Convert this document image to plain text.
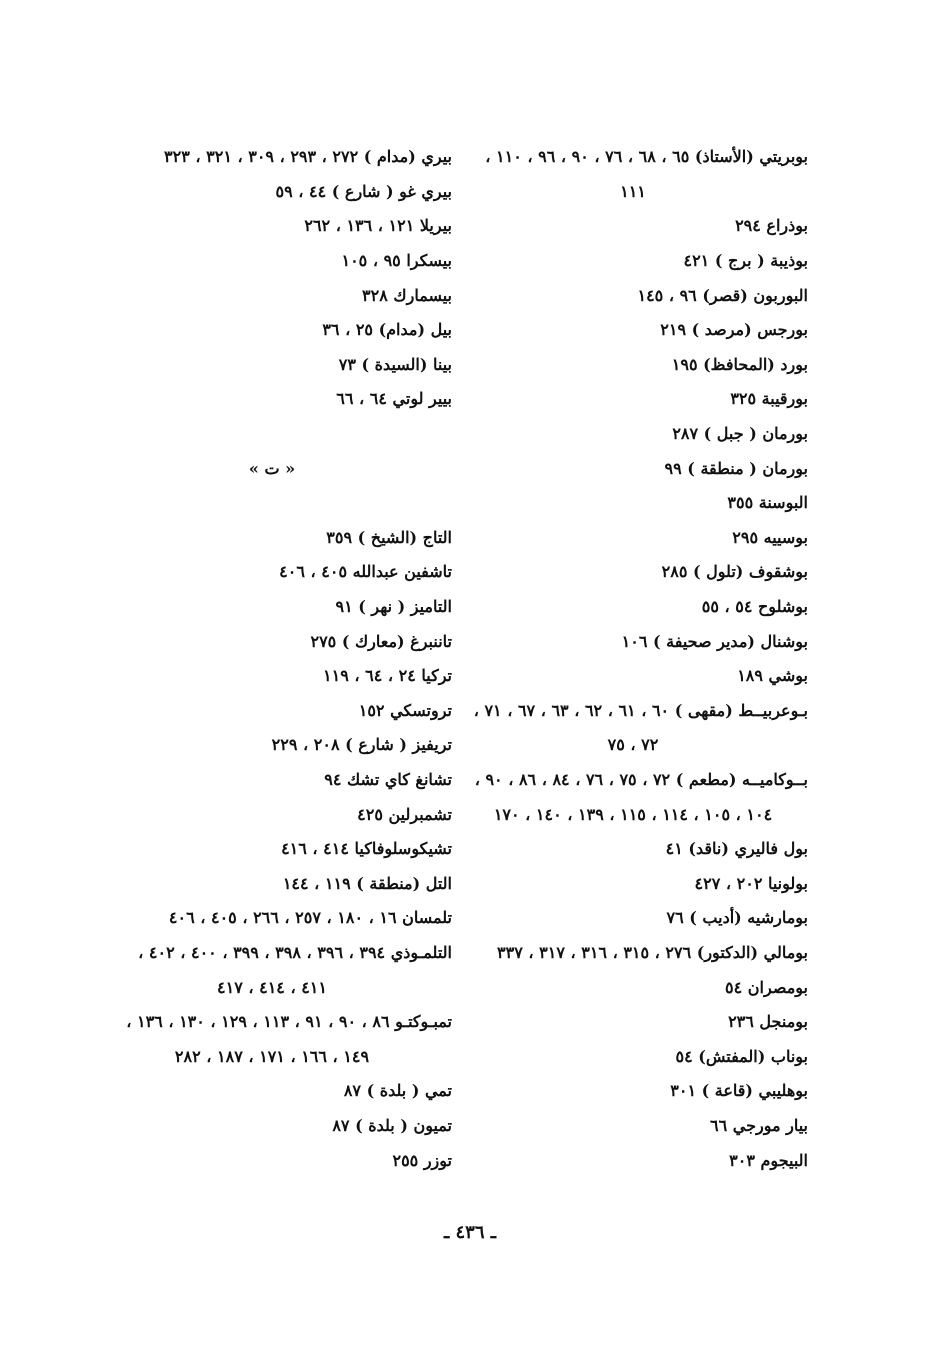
بوبريتي (الأستاذ) ٦٥ ، ٦٨ ، ٧٦ ، ٩٠ ، ٩٦ ، ١١٠ ،
١١١
بوذراع ٢٩٤
بوذيبة ( برج ) ٤٢١
البوربون (قصر) ٩٦ ، ١٤٥
بورجس (مرصد ) ٢١٩
بورد (المحافظ) ١٩٥
بورقيبة ٣٢٥
بورمان ( جبل ) ٢٨٧
بورمان ( منطقة ) ٩٩
البوسنة ٣٥٥
بوسييه ٢٩٥
بوشقوف (تلول ) ٢٨٥
بوشلوح ٥٤ ، ٥٥
بوشنال (مدير صحيفة ) ١٠٦
بوشي ١٨٩
بـوعربيــط (مقهى ) ٦٠ ، ٦١ ، ٦٢ ، ٦٣ ، ٦٧ ، ٧١ ،
٧٢ ، ٧٥
بــوكاميــه (مطعم ) ٧٢ ، ٧٥ ، ٧٦ ، ٨٤ ، ٨٦ ، ٩٠ ،
١٠٤ ، ١٠٥ ، ١١٤ ، ١١٥ ، ١٣٩ ، ١٤٠ ، ١٧٠
بول فاليري (ناقد) ٤١
بولونيا ٢٠٢ ، ٤٢٧
بومارشيه (أديب ) ٧٦
بومالي (الدكتور) ٢٧٦ ، ٣١٥ ، ٣١٦ ، ٣١٧ ، ٣٣٧
بومصران ٥٤
بومنجل ٢٣٦
بوناب (المفتش) ٥٤
بوهليبي (قاعة ) ٣٠١
بيار مورجي ٦٦
البيجوم ٣٠٣
بيري (مدام ) ٢٧٢ ، ٢٩٣ ، ٣٠٩ ، ٣٢١ ، ٣٢٣
بيري غو ( شارع ) ٤٤ ، ٥٩
بيريلا ١٢١ ، ١٣٦ ، ٢٦٢
بيسكرا ٩٥ ، ١٠٥
بيسمارك ٣٢٨
بيل (مدام) ٢٥ ، ٣٦
بينا (السيدة ) ٧٣
بيير لوتي ٦٤ ، ٦٦
« ت »
التاج (الشيخ ) ٣٥٩
تاشفين عبدالله ٤٠٥ ، ٤٠٦
التاميز ( نهر ) ٩١
تاننبرغ (معارك ) ٢٧٥
تركيا ٢٤ ، ٦٤ ، ١١٩
تروتسكي ١٥٢
تريفيز ( شارع ) ٢٠٨ ، ٢٢٩
تشانغ كاي تشك ٩٤
تشمبرلين ٤٢٥
تشيكوسلوفاكيا ٤١٤ ، ٤١٦
التل (منطقة ) ١١٩ ، ١٤٤
تلمسان ١٦ ، ١٨٠ ، ٢٥٧ ، ٢٦٦ ، ٤٠٥ ، ٤٠٦
التلمـوذي ٣٩٤ ، ٣٩٦ ، ٣٩٨ ، ٣٩٩ ، ٤٠٠ ، ٤٠٢ ،
٤١١ ، ٤١٤ ، ٤١٧
تمبـوكتـو ٨٦ ، ٩٠ ، ٩١ ، ١١٣ ، ١٢٩ ، ١٣٠ ، ١٣٦ ،
١٤٩ ، ١٦٦ ، ١٧١ ، ١٨٧ ، ٢٨٢
تمي ( بلدة ) ٨٧
تميون ( بلدة ) ٨٧
توزر ٢٥٥
ـ ٤٣٦ ـ
